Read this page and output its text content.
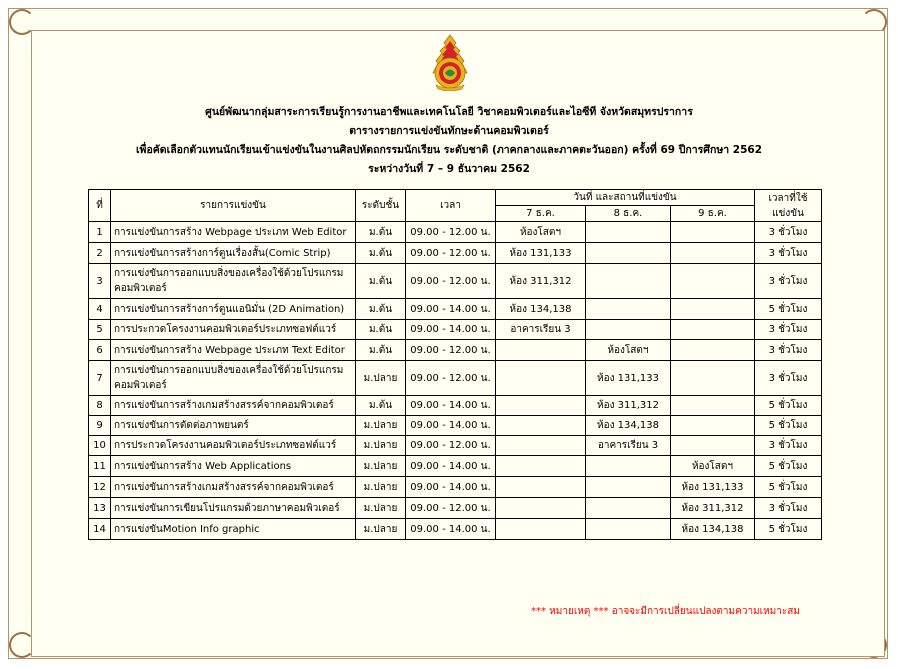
ศูนย์พัฒนากลุ่มสาระการเรียนรู้การงานอาชีพและเทคโนโลยี วิชาคอมพิวเตอร์และไอซีที จังหวัดสมุทรปราการ
ตารางรายการแข่งขันทักษะด้านคอมพิวเตอร์
เพื่อคัดเลือกตัวแทนนักเรียนเข้าแข่งขันในงานศิลปหัตถกรรมนักเรียน ระดับชาติ (ภาคกลางและภาคตะวันออก) ครั้งที่ 69 ปีการศึกษา 2562
ระหว่างวันที่ 7 – 9 ธันวาคม 2562
ที่	รายการแข่งขัน	ระดับชั้น	เวลา	วันที่ และสถานที่แข่งขัน			เวลาที่ใช้
แข่งขัน

				7 ธ.ค.	8 ธ.ค.	9 ธ.ค.	
1	การแข่งขันการสร้าง Webpage ประเภท Web Editor	ม.ต้น	09.00 - 12.00 น.	ห้องโสตฯ			3 ชั่วโมง
2	การแข่งขันการสร้างการ์ตูนเรื่องสั้น(Comic Strip)	ม.ต้น	09.00 - 12.00 น.	ห้อง 131,133			3 ชั่วโมง
3	การแข่งขันการออกแบบสิ่งของเครื่องใช้ด้วยโปรแกรมคอมพิวเตอร์	ม.ต้น	09.00 - 12.00 น.	ห้อง 311,312			3 ชั่วโมง
4	การแข่งขันการสร้างการ์ตูนแอนิมั่น (2D Animation)	ม.ต้น	09.00 - 14.00 น.	ห้อง 134,138			5 ชั่วโมง
5	การประกวดโครงงานคอมพิวเตอร์ประเภทซอฟต์แวร์	ม.ต้น	09.00 - 14.00 น.	อาคารเรียน 3			3 ชั่วโมง
6	การแข่งขันการสร้าง Webpage ประเภท Text Editor	ม.ต้น	09.00 - 12.00 น.		ห้องโสตฯ		3 ชั่วโมง
7	การแข่งขันการออกแบบสิ่งของเครื่องใช้ด้วยโปรแกรมคอมพิวเตอร์	ม.ปลาย	09.00 - 12.00 น.		ห้อง 131,133		3 ชั่วโมง
8	การแข่งขันการสร้างเกมสร้างสรรค์จากคอมพิวเตอร์	ม.ต้น	09.00 - 14.00 น.		ห้อง 311,312		5 ชั่วโมง
9	การแข่งขันการตัดต่อภาพยนตร์	ม.ปลาย	09.00 - 14.00 น.		ห้อง 134,138		5 ชั่วโมง
10	การประกวดโครงงานคอมพิวเตอร์ประเภทซอฟต์แวร์	ม.ปลาย	09.00 - 12.00 น.		อาคารเรียน 3		3 ชั่วโมง
11	การแข่งขันการสร้าง Web Applications	ม.ปลาย	09.00 - 14.00 น.			ห้องโสตฯ	5 ชั่วโมง
12	การแข่งขันการสร้างเกมสร้างสรรค์จากคอมพิวเตอร์	ม.ปลาย	09.00 - 14.00 น.			ห้อง 131,133	5 ชั่วโมง
13	การแข่งขันการเขียนโปรแกรมด้วยภาษาคอมพิวเตอร์	ม.ปลาย	09.00 - 12.00 น.			ห้อง 311,312	3 ชั่วโมง
14	การแข่งขันMotion Info graphic	ม.ปลาย	09.00 - 14.00 น.			ห้อง 134,138	5 ชั่วโมง
*** หมายเหตุ *** อาจจะมีการเปลี่ยนแปลงตามความเหมาะสม
